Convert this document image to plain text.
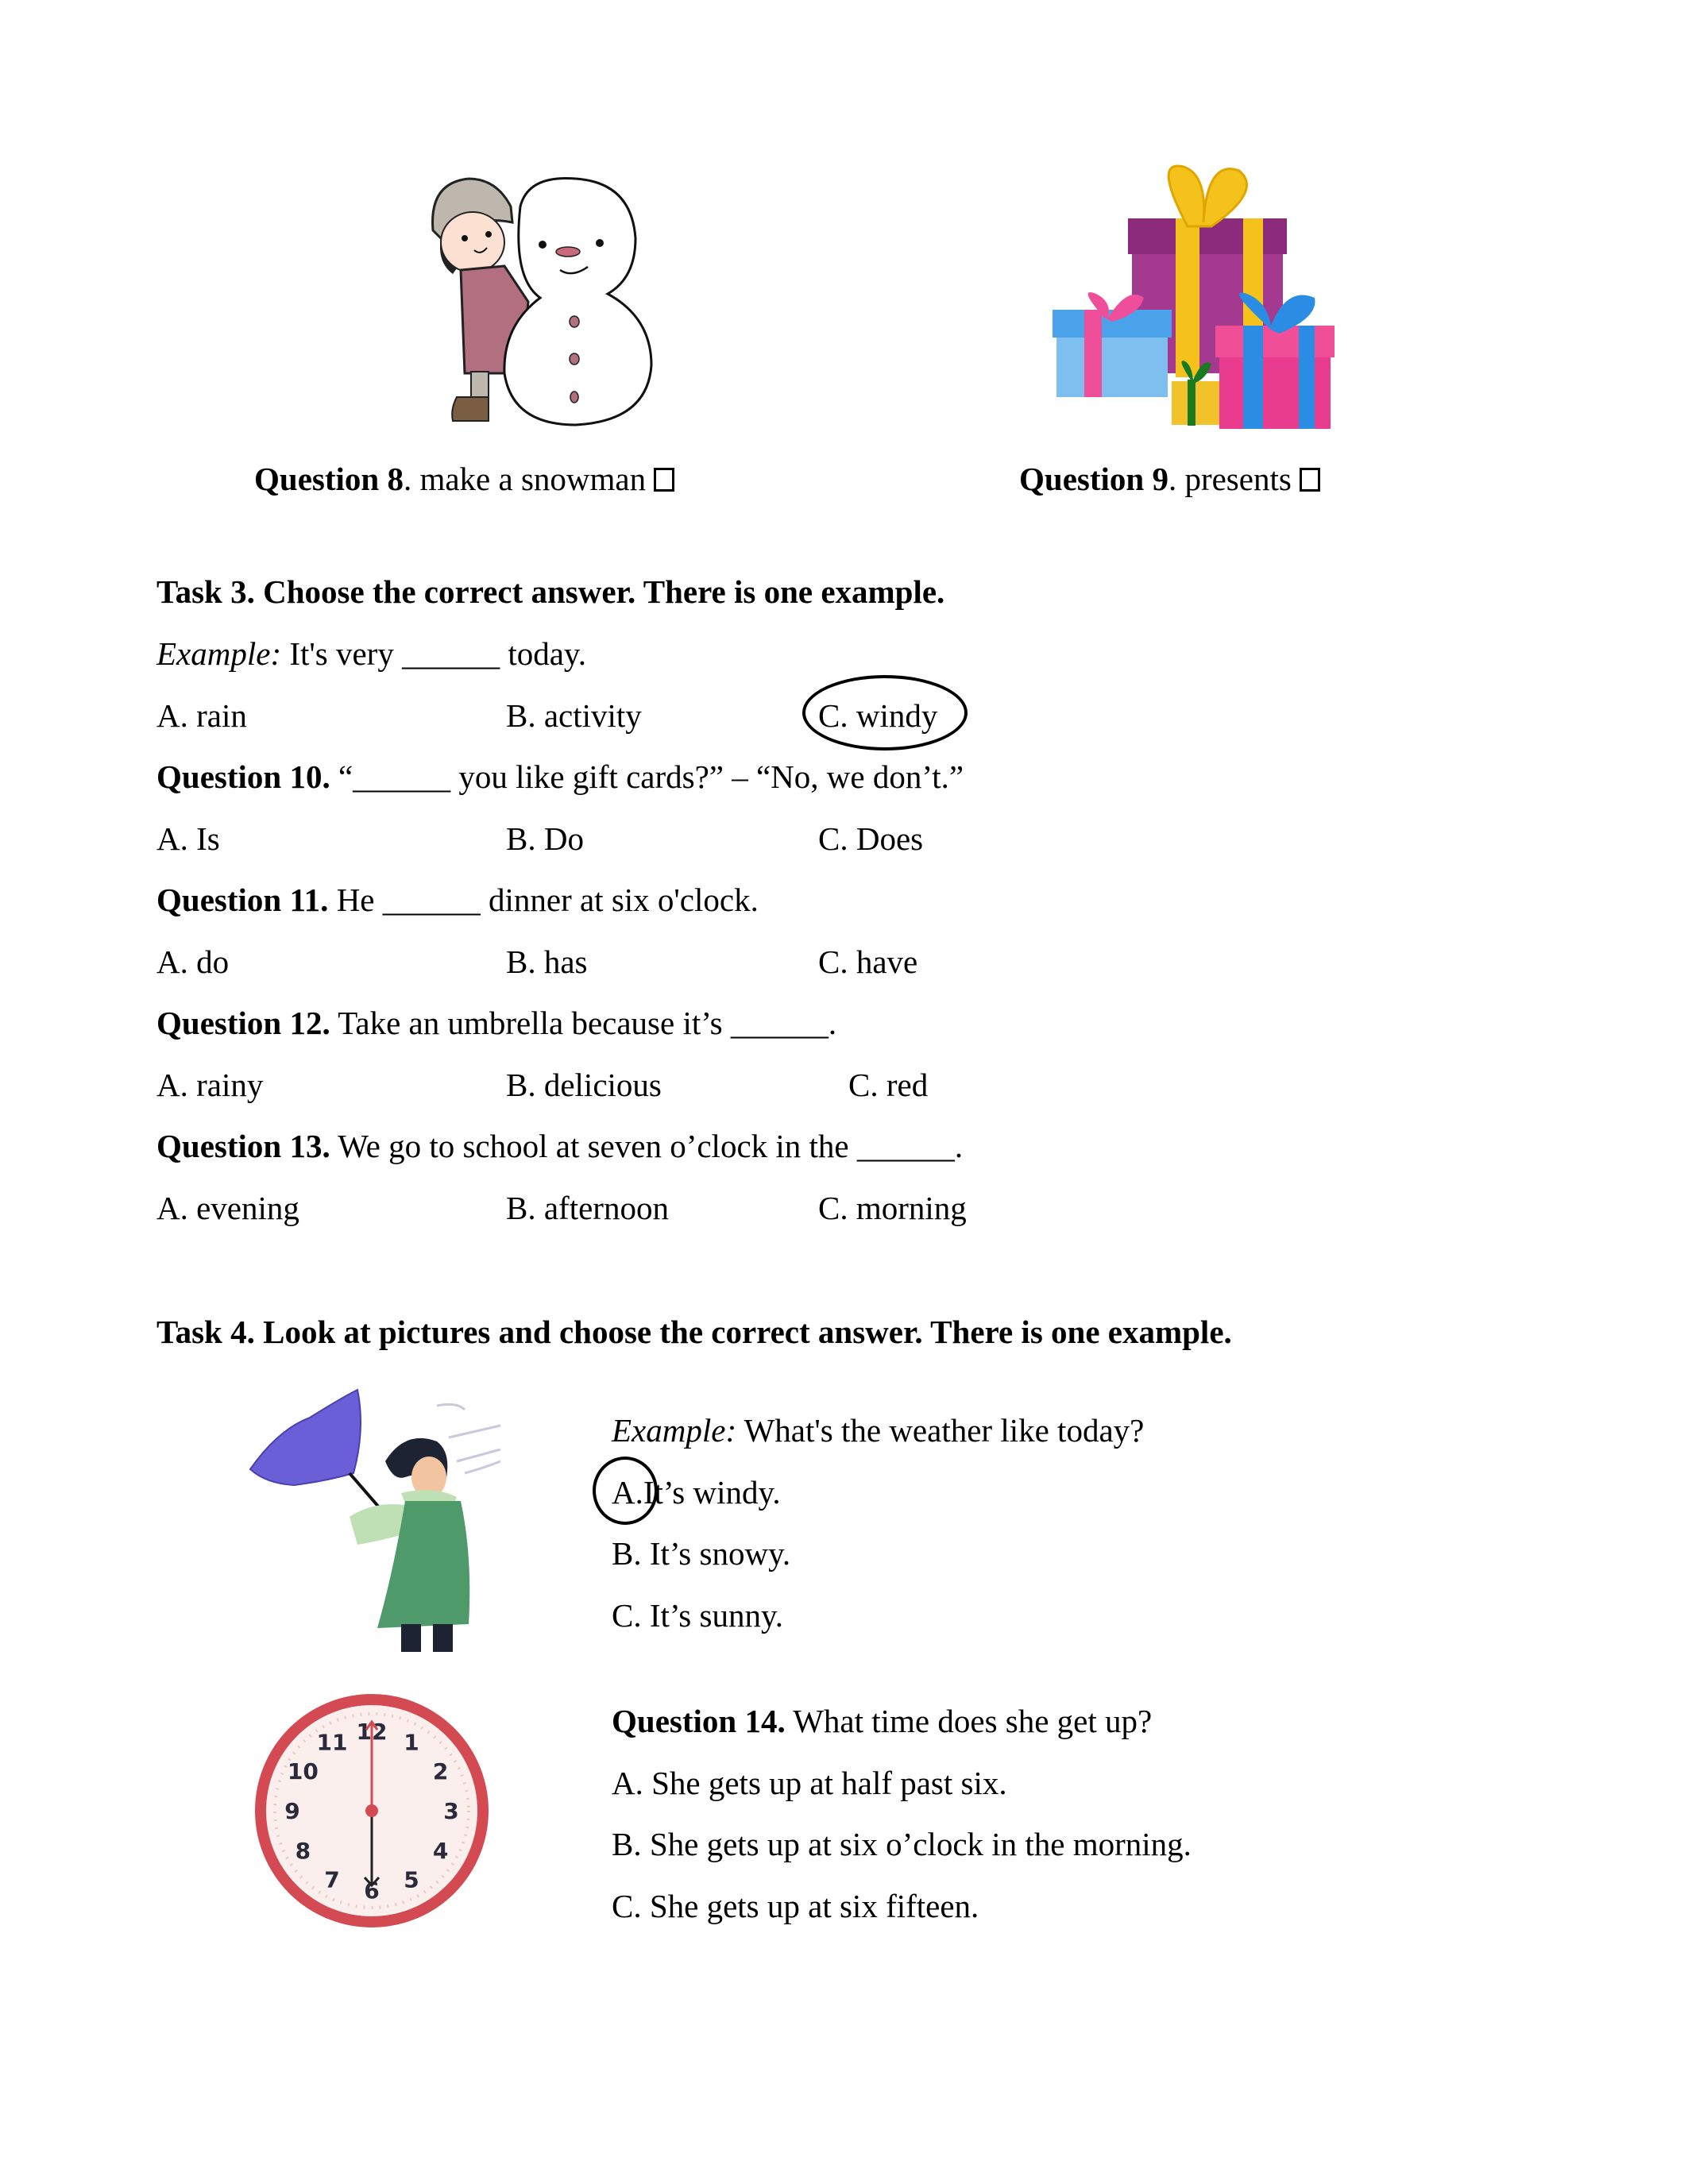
Question 8. make a snowman	Question 9. presents
Task 3. Choose the correct answer. There is one example.
Example: It's very ______ today.
A. rain	B. activity	C. windy
Question 10. “______ you like gift cards?” – “No, we don’t.”
A. Is	B. Do	C. Does
Question 11. He ______ dinner at six o'clock.
A. do	B. has	C. have
Question 12. Take an umbrella because it’s ______.
A. rainy	B. delicious	C. red
Question 13. We go to school at seven o’clock in the ______.
A. evening	B. afternoon	C. morning
Task 4. Look at pictures and choose the correct answer. There is one example.
Example: What's the weather like today?
A.It’s windy.
B. It’s snowy.
C. It’s sunny.
12 1
2
3
4
5
6
7
8
9
10
11
Question 14. What time does she get up?
A. She gets up at half past six.
B. She gets up at six o’clock in the morning.
C. She gets up at six fifteen.
